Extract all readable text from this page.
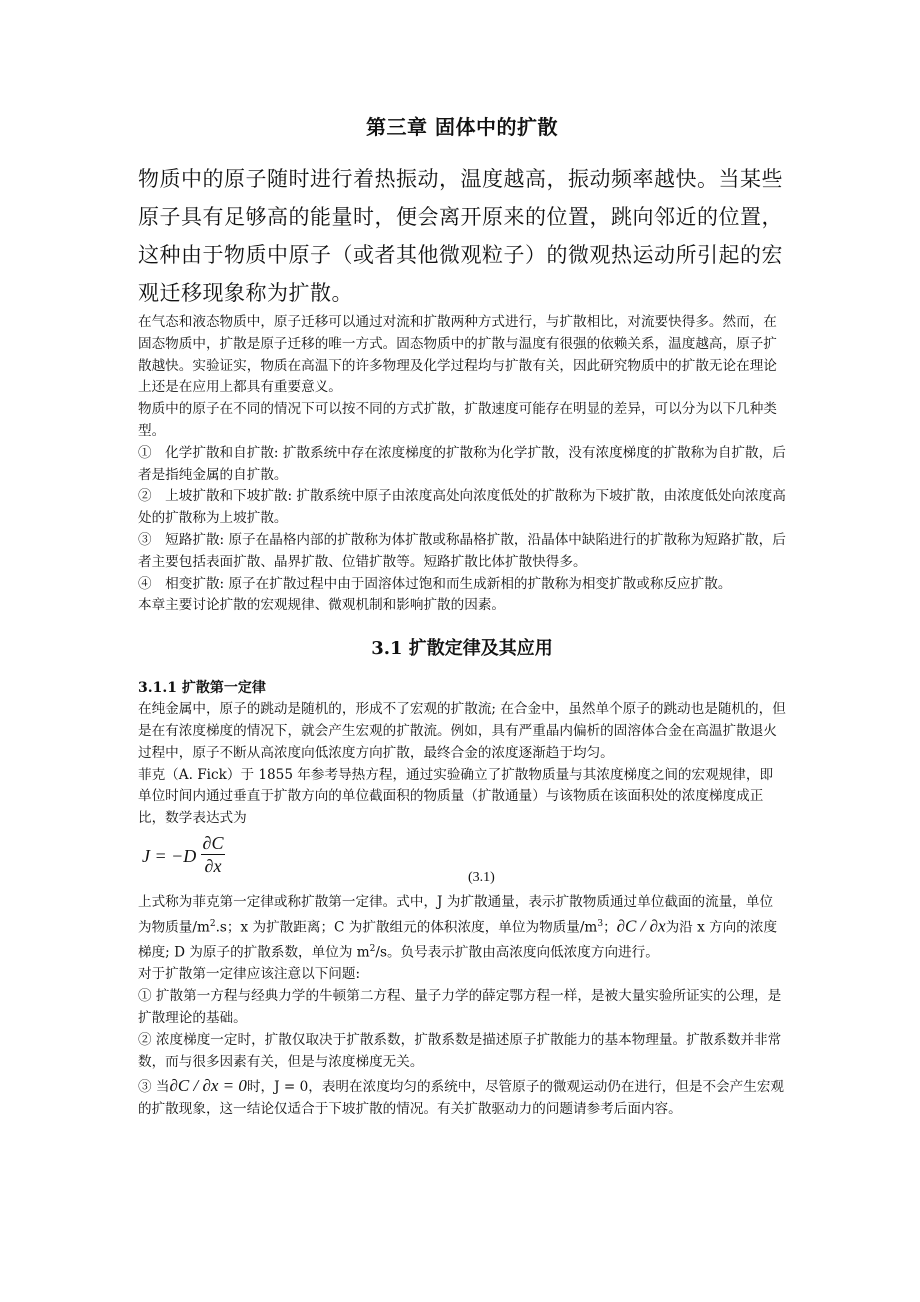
第三章 固体中的扩散

物质中的原子随时进行着热振动，温度越高，振动频率越快。当某些原子具有足够高的能量时，便会离开原来的位置，跳向邻近的位置，这种由于物质中原子（或者其他微观粒子）的微观热运动所引起的宏观迁移现象称为扩散。

在气态和液态物质中，原子迁移可以通过对流和扩散两种方式进行，与扩散相比，对流要快得多。然而，在固态物质中，扩散是原子迁移的唯一方式。固态物质中的扩散与温度有很强的依赖关系，温度越高，原子扩散越快。实验证实，物质在高温下的许多物理及化学过程均与扩散有关，因此研究物质中的扩散无论在理论上还是在应用上都具有重要意义。

物质中的原子在不同的情况下可以按不同的方式扩散，扩散速度可能存在明显的差异，可以分为以下几种类型。

①　化学扩散和自扩散: 扩散系统中存在浓度梯度的扩散称为化学扩散，没有浓度梯度的扩散称为自扩散，后者是指纯金属的自扩散。

②　上坡扩散和下坡扩散: 扩散系统中原子由浓度高处向浓度低处的扩散称为下坡扩散，由浓度低处向浓度高处的扩散称为上坡扩散。

③　短路扩散: 原子在晶格内部的扩散称为体扩散或称晶格扩散，沿晶体中缺陷进行的扩散称为短路扩散，后者主要包括表面扩散、晶界扩散、位错扩散等。短路扩散比体扩散快得多。

④　相变扩散: 原子在扩散过程中由于固溶体过饱和而生成新相的扩散称为相变扩散或称反应扩散。

本章主要讨论扩散的宏观规律、微观机制和影响扩散的因素。

3.1 扩散定律及其应用
3.1.1 扩散第一定律

在纯金属中，原子的跳动是随机的，形成不了宏观的扩散流; 在合金中，虽然单个原子的跳动也是随机的，但是在有浓度梯度的情况下，就会产生宏观的扩散流。例如，具有严重晶内偏析的固溶体合金在高温扩散退火过程中，原子不断从高浓度向低浓度方向扩散，最终合金的浓度逐渐趋于均匀。

菲克（A. Fick）于 1855 年参考导热方程，通过实验确立了扩散物质量与其浓度梯度之间的宏观规律，即单位时间内通过垂直于扩散方向的单位截面积的物质量（扩散通量）与该物质在该面积处的浓度梯度成正比，数学表达式为

J = −D
∂C
∂x
(3.1)

上式称为菲克第一定律或称扩散第一定律。式中，J 为扩散通量，表示扩散物质通过单位截面的流量，单位为物质量$/m^2.s$；x 为扩散距离；C 为扩散组元的体积浓度，单位为物质量$/m^3$；∂C / ∂x为沿 x 方向的浓度梯度; D 为原子的扩散系数，单位为 $m^2/s$。负号表示扩散由高浓度向低浓度方向进行。

对于扩散第一定律应该注意以下问题:

① 扩散第一方程与经典力学的牛顿第二方程、量子力学的薛定鄂方程一样，是被大量实验所证实的公理，是扩散理论的基础。

② 浓度梯度一定时，扩散仅取决于扩散系数，扩散系数是描述原子扩散能力的基本物理量。扩散系数并非常数，而与很多因素有关，但是与浓度梯度无关。

③ 当∂C / ∂x = 0时，J = 0，表明在浓度均匀的系统中，尽管原子的微观运动仍在进行，但是不会产生宏观的扩散现象，这一结论仅适合于下坡扩散的情况。有关扩散驱动力的问题请参考后面内容。
